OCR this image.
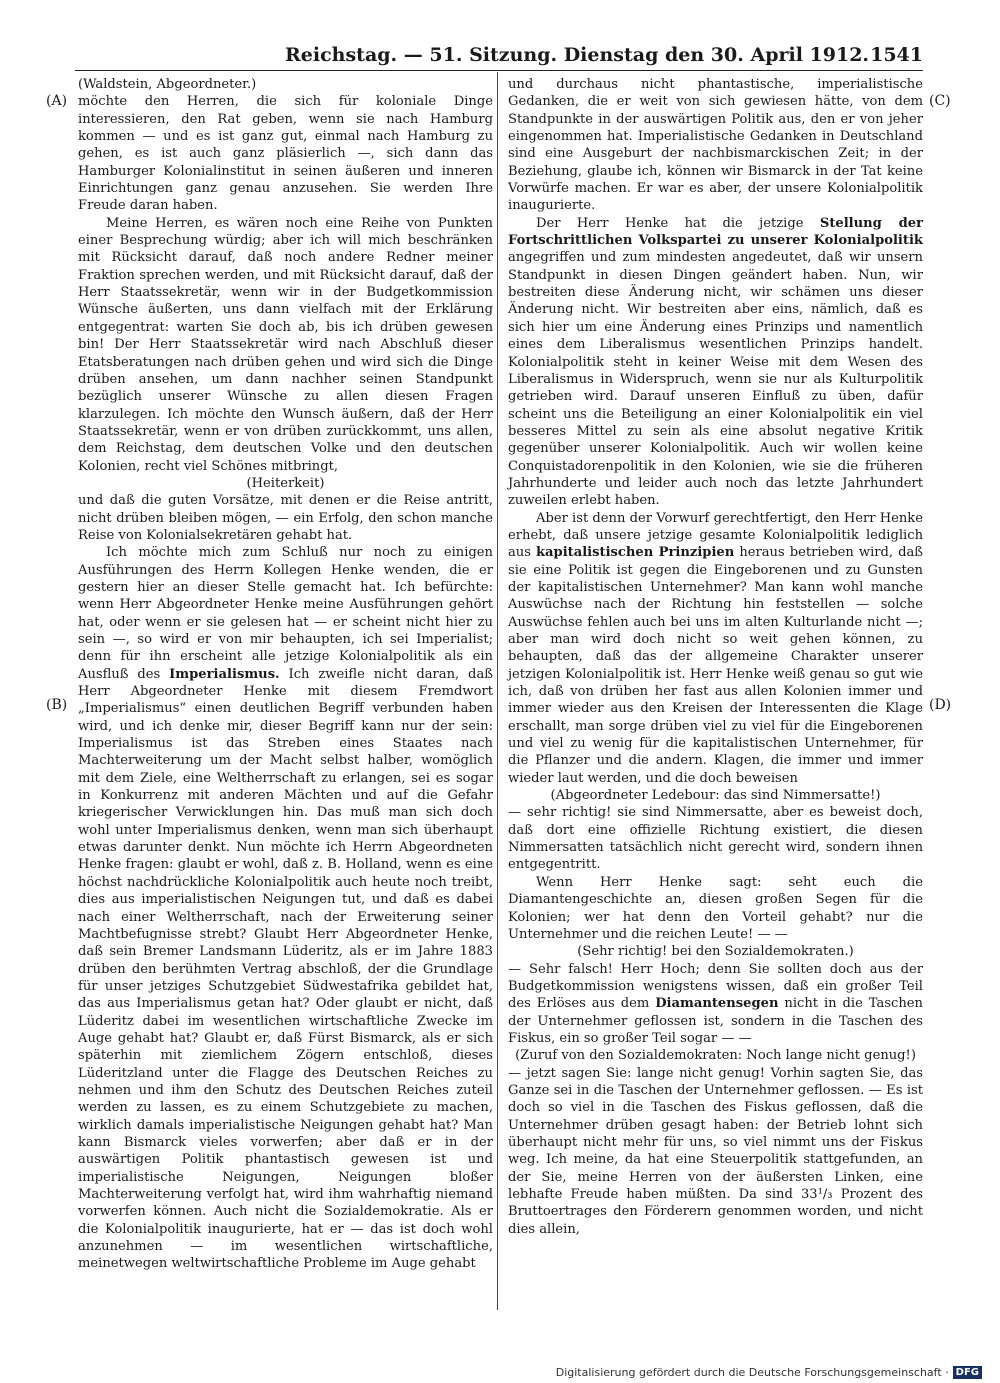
Reichstag. — 51. Sitzung. Dienstag den 30. April 1912. 1541
(A)
(B)
(C)
(D)

(Waldstein, Abgeordneter.)

möchte den Herren, die sich für koloniale Dinge interessieren, den Rat geben, wenn sie nach Hamburg kommen — und es ist ganz gut, einmal nach Hamburg zu gehen, es ist auch ganz pläsierlich —, sich dann das Hamburger Kolonialinstitut in seinen äußeren und inneren Einrichtungen ganz genau anzusehen. Sie werden Ihre Freude daran haben.

Meine Herren, es wären noch eine Reihe von Punkten einer Besprechung würdig; aber ich will mich beschränken mit Rücksicht darauf, daß noch andere Redner meiner Fraktion sprechen werden, und mit Rücksicht darauf, daß der Herr Staatssekretär, wenn wir in der Budgetkommission Wünsche äußerten, uns dann vielfach mit der Erklärung entgegentrat: warten Sie doch ab, bis ich drüben gewesen bin! Der Herr Staatssekretär wird nach Abschluß dieser Etatsberatungen nach drüben gehen und wird sich die Dinge drüben ansehen, um dann nachher seinen Standpunkt bezüglich unserer Wünsche zu allen diesen Fragen klarzulegen. Ich möchte den Wunsch äußern, daß der Herr Staatssekretär, wenn er von drüben zurückkommt, uns allen, dem Reichstag, dem deutschen Volke und den deutschen Kolonien, recht viel Schönes mitbringt,

(Heiterkeit)

und daß die guten Vorsätze, mit denen er die Reise antritt, nicht drüben bleiben mögen, — ein Erfolg, den schon manche Reise von Kolonialsekretären gehabt hat.

Ich möchte mich zum Schluß nur noch zu einigen Ausführungen des Herrn Kollegen Henke wenden, die er gestern hier an dieser Stelle gemacht hat. Ich befürchte: wenn Herr Abgeordneter Henke meine Ausführungen gehört hat, oder wenn er sie gelesen hat — er scheint nicht hier zu sein —, so wird er von mir behaupten, ich sei Imperialist; denn für ihn erscheint alle jetzige Kolonialpolitik als ein Ausfluß des Imperialismus. Ich zweifle nicht daran, daß Herr Abgeordneter Henke mit diesem Fremdwort „Imperialismus“ einen deutlichen Begriff verbunden haben wird, und ich denke mir, dieser Begriff kann nur der sein: Imperialismus ist das Streben eines Staates nach Machterweiterung um der Macht selbst halber, womöglich mit dem Ziele, eine Weltherrschaft zu erlangen, sei es sogar in Konkurrenz mit anderen Mächten und auf die Gefahr kriegerischer Verwicklungen hin. Das muß man sich doch wohl unter Imperialismus denken, wenn man sich überhaupt etwas darunter denkt. Nun möchte ich Herrn Abgeordneten Henke fragen: glaubt er wohl, daß z. B. Holland, wenn es eine höchst nachdrückliche Kolonialpolitik auch heute noch treibt, dies aus imperialistischen Neigungen tut, und daß es dabei nach einer Weltherrschaft, nach der Erweiterung seiner Machtbefugnisse strebt? Glaubt Herr Abgeordneter Henke, daß sein Bremer Landsmann Lüderitz, als er im Jahre 1883 drüben den berühmten Vertrag abschloß, der die Grundlage für unser jetziges Schutzgebiet Südwestafrika gebildet hat, das aus Imperialismus getan hat? Oder glaubt er nicht, daß Lüderitz dabei im wesentlichen wirtschaftliche Zwecke im Auge gehabt hat? Glaubt er, daß Fürst Bismarck, als er sich späterhin mit ziemlichem Zögern entschloß, dieses Lüderitzland unter die Flagge des Deutschen Reiches zu nehmen und ihm den Schutz des Deutschen Reiches zuteil werden zu lassen, es zu einem Schutzgebiete zu machen, wirklich damals imperialistische Neigungen gehabt hat? Man kann Bismarck vieles vorwerfen; aber daß er in der auswärtigen Politik phantastisch gewesen ist und imperialistische Neigungen, Neigungen bloßer Machterweiterung verfolgt hat, wird ihm wahrhaftig niemand vorwerfen können. Auch nicht die Sozialdemokratie. Als er die Kolonialpolitik inaugurierte, hat er — das ist doch wohl anzunehmen — im wesentlichen wirtschaftliche, meinetwegen weltwirtschaftliche Probleme im Auge gehabt

und durchaus nicht phantastische, imperialistische Gedanken, die er weit von sich gewiesen hätte, von dem Standpunkte in der auswärtigen Politik aus, den er von jeher eingenommen hat. Imperialistische Gedanken in Deutschland sind eine Ausgeburt der nachbismarckischen Zeit; in der Beziehung, glaube ich, können wir Bismarck in der Tat keine Vorwürfe machen. Er war es aber, der unsere Kolonialpolitik inaugurierte.

Der Herr Henke hat die jetzige Stellung der Fortschrittlichen Volkspartei zu unserer Kolonialpolitik angegriffen und zum mindesten angedeutet, daß wir unsern Standpunkt in diesen Dingen geändert haben. Nun, wir bestreiten diese Änderung nicht, wir schämen uns dieser Änderung nicht. Wir bestreiten aber eins, nämlich, daß es sich hier um eine Änderung eines Prinzips und namentlich eines dem Liberalismus wesentlichen Prinzips handelt. Kolonialpolitik steht in keiner Weise mit dem Wesen des Liberalismus in Widerspruch, wenn sie nur als Kulturpolitik getrieben wird. Darauf unseren Einfluß zu üben, dafür scheint uns die Beteiligung an einer Kolonialpolitik ein viel besseres Mittel zu sein als eine absolut negative Kritik gegenüber unserer Kolonialpolitik. Auch wir wollen keine Conquistadorenpolitik in den Kolonien, wie sie die früheren Jahrhunderte und leider auch noch das letzte Jahrhundert zuweilen erlebt haben.

Aber ist denn der Vorwurf gerechtfertigt, den Herr Henke erhebt, daß unsere jetzige gesamte Kolonialpolitik lediglich aus kapitalistischen Prinzipien heraus betrieben wird, daß sie eine Politik ist gegen die Eingeborenen und zu Gunsten der kapitalistischen Unternehmer? Man kann wohl manche Auswüchse nach der Richtung hin feststellen — solche Auswüchse fehlen auch bei uns im alten Kulturlande nicht —; aber man wird doch nicht so weit gehen können, zu behaupten, daß das der allgemeine Charakter unserer jetzigen Kolonialpolitik ist. Herr Henke weiß genau so gut wie ich, daß von drüben her fast aus allen Kolonien immer und immer wieder aus den Kreisen der Interessenten die Klage erschallt, man sorge drüben viel zu viel für die Eingeborenen und viel zu wenig für die kapitalistischen Unternehmer, für die Pflanzer und die andern. Klagen, die immer und immer wieder laut werden, und die doch beweisen

(Abgeordneter Ledebour: das sind Nimmersatte!)

— sehr richtig! sie sind Nimmersatte, aber es beweist doch, daß dort eine offizielle Richtung existiert, die diesen Nimmersatten tatsächlich nicht gerecht wird, sondern ihnen entgegentritt.

Wenn Herr Henke sagt: seht euch die Diamantengeschichte an, diesen großen Segen für die Kolonien; wer hat denn den Vorteil gehabt? nur die Unternehmer und die reichen Leute! — —

(Sehr richtig! bei den Sozialdemokraten.)

— Sehr falsch! Herr Hoch; denn Sie sollten doch aus der Budgetkommission wenigstens wissen, daß ein großer Teil des Erlöses aus dem Diamantensegen nicht in die Taschen der Unternehmer geflossen ist, sondern in die Taschen des Fiskus, ein so großer Teil sogar — —

(Zuruf von den Sozialdemokraten: Noch lange nicht genug!)

— jetzt sagen Sie: lange nicht genug! Vorhin sagten Sie, das Ganze sei in die Taschen der Unternehmer geflossen. — Es ist doch so viel in die Taschen des Fiskus geflossen, daß die Unternehmer drüben gesagt haben: der Betrieb lohnt sich überhaupt nicht mehr für uns, so viel nimmt uns der Fiskus weg. Ich meine, da hat eine Steuerpolitik stattgefunden, an der Sie, meine Herren von der äußersten Linken, eine lebhafte Freude haben müßten. Da sind 33¹/₃ Prozent des Bruttoertrages den Förderern genommen worden, und nicht dies allein,

Digitalisierung gefördert durch die Deutsche Forschungsgemeinschaft · DFG
